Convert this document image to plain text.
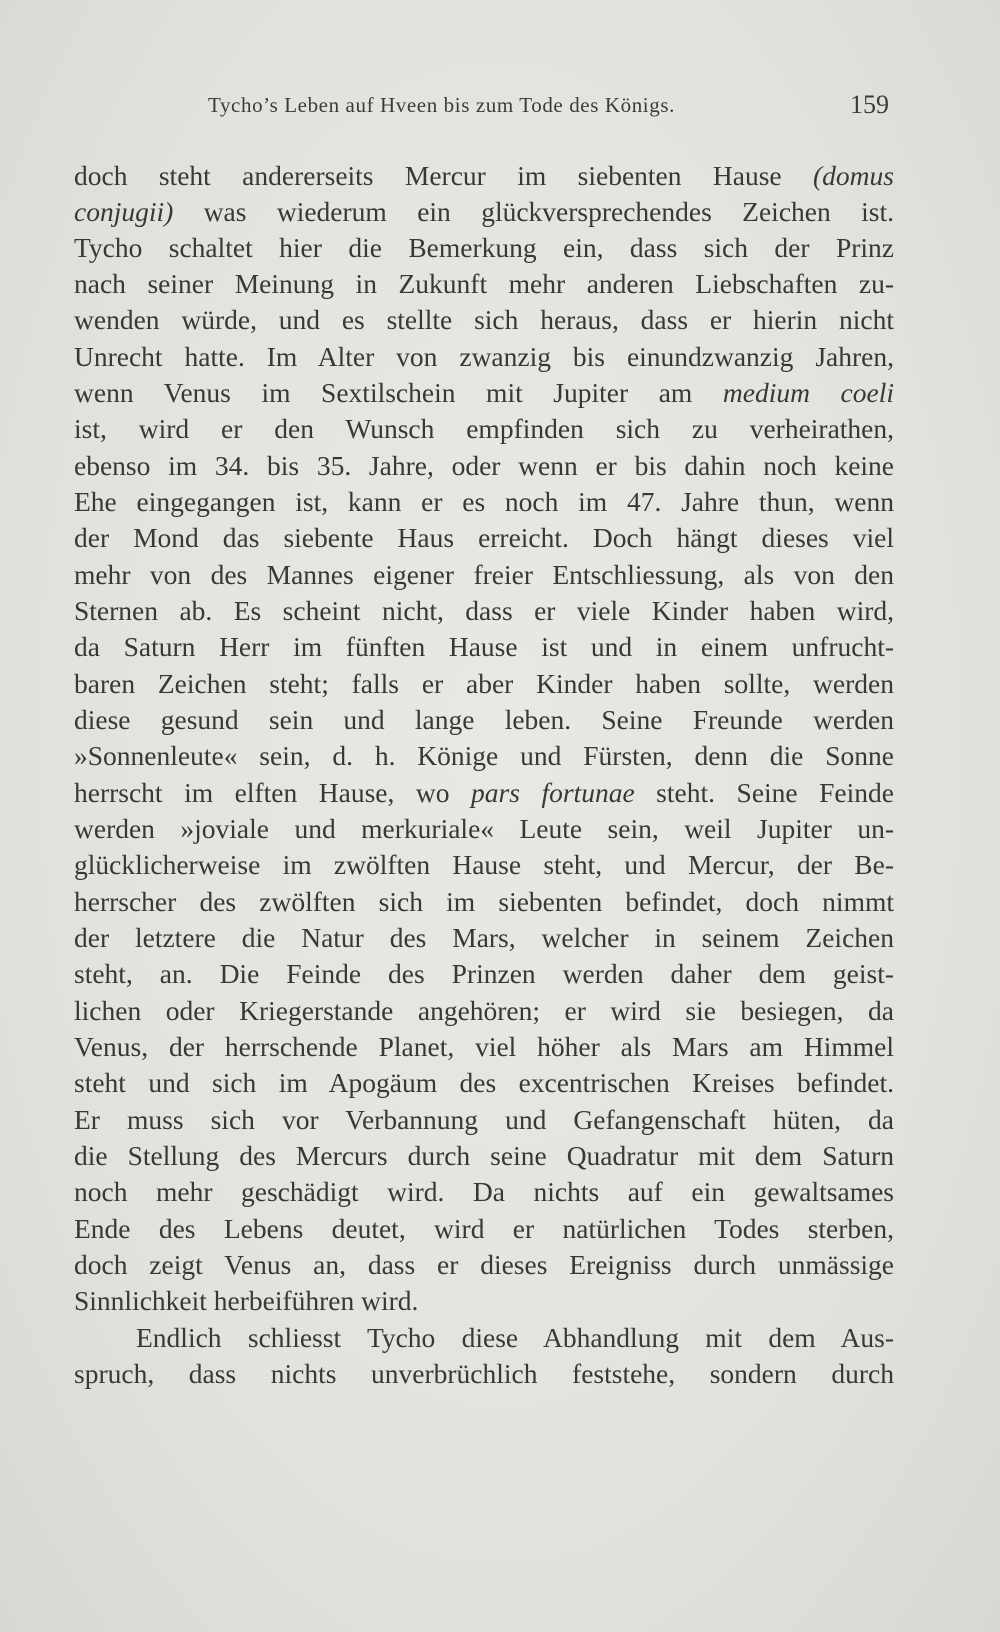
Tycho’s Leben auf Hveen bis zum Tode des Königs.	159
doch steht andererseits Mercur im siebenten Hause (domus
conjugii) was wiederum ein glückversprechendes Zeichen ist.
Tycho schaltet hier die Bemerkung ein, dass sich der Prinz
nach seiner Meinung in Zukunft mehr anderen Liebschaften zu-
wenden würde, und es stellte sich heraus, dass er hierin nicht
Unrecht hatte. Im Alter von zwanzig bis einundzwanzig Jahren,
wenn Venus im Sextilschein mit Jupiter am medium coeli
ist, wird er den Wunsch empfinden sich zu verheirathen,
ebenso im 34. bis 35. Jahre, oder wenn er bis dahin noch keine
Ehe eingegangen ist, kann er es noch im 47. Jahre thun, wenn
der Mond das siebente Haus erreicht. Doch hängt dieses viel
mehr von des Mannes eigener freier Entschliessung, als von den
Sternen ab. Es scheint nicht, dass er viele Kinder haben wird,
da Saturn Herr im fünften Hause ist und in einem unfrucht-
baren Zeichen steht; falls er aber Kinder haben sollte, werden
diese gesund sein und lange leben. Seine Freunde werden
»Sonnenleute« sein, d. h. Könige und Fürsten, denn die Sonne
herrscht im elften Hause, wo pars fortunae steht. Seine Feinde
werden »joviale und merkuriale« Leute sein, weil Jupiter un-
glücklicherweise im zwölften Hause steht, und Mercur, der Be-
herrscher des zwölften sich im siebenten befindet, doch nimmt
der letztere die Natur des Mars, welcher in seinem Zeichen
steht, an. Die Feinde des Prinzen werden daher dem geist-
lichen oder Kriegerstande angehören; er wird sie besiegen, da
Venus, der herrschende Planet, viel höher als Mars am Himmel
steht und sich im Apogäum des excentrischen Kreises befindet.
Er muss sich vor Verbannung und Gefangenschaft hüten, da
die Stellung des Mercurs durch seine Quadratur mit dem Saturn
noch mehr geschädigt wird. Da nichts auf ein gewaltsames
Ende des Lebens deutet, wird er natürlichen Todes sterben,
doch zeigt Venus an, dass er dieses Ereigniss durch unmässige
Sinnlichkeit herbeiführen wird.
Endlich schliesst Tycho diese Abhandlung mit dem Aus-
spruch, dass nichts unverbrüchlich feststehe, sondern durch
